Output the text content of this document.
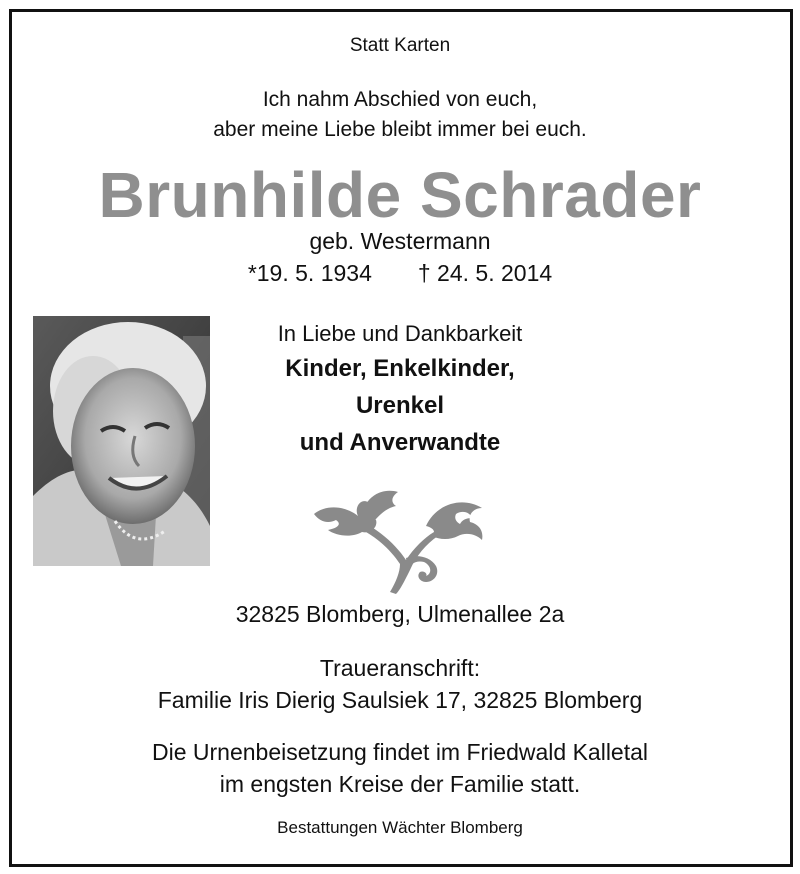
Statt Karten
Ich nahm Abschied von euch,
aber meine Liebe bleibt immer bei euch.
Brunhilde Schrader
geb. Westermann
*19. 5. 1934 † 24. 5. 2014
In Liebe und Dankbarkeit
Kinder, Enkelkinder,
Urenkel
und Anverwandte
32825 Blomberg, Ulmenallee 2a
Traueranschrift:
Familie Iris Dierig Saulsiek 17, 32825 Blomberg
Die Urnenbeisetzung findet im Friedwald Kalletal
im engsten Kreise der Familie statt.
Bestattungen Wächter Blomberg
